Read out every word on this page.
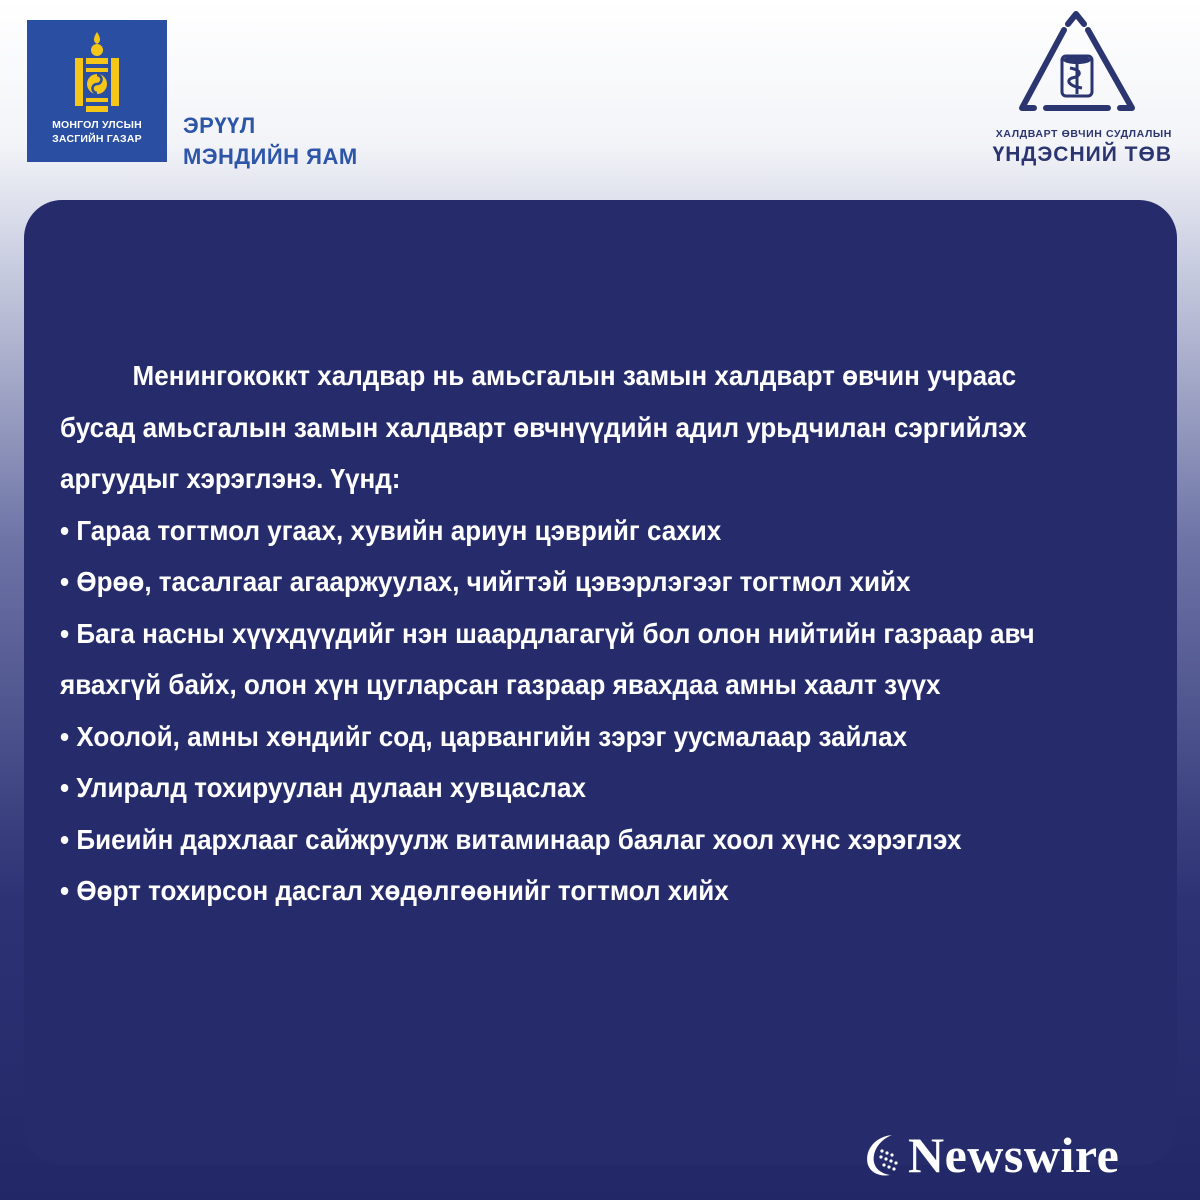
МОНГОЛ УЛСЫН
ЗАСГИЙН ГАЗАР
ЭРҮҮЛ
МЭНДИЙН ЯАМ
ХАЛДВАРТ ӨВЧИН СУДЛАЛЫН
ҮНДЭСНИЙ ТӨВ

Менингококкт халдвар нь амьсгалын замын халдварт өвчин учраас бусад амьсгалын замын халдварт өвчнүүдийн адил урьдчилан сэргийлэх аргуудыг хэрэглэнэ. Үүнд:

• Гараа тогтмол угаах, хувийн ариун цэврийг сахих

• Өрөө, тасалгааг агааржуулах, чийгтэй цэвэрлэгээг тогтмол хийх

• Бага насны хүүхдүүдийг нэн шаардлагагүй бол олон нийтийн газраар авч явахгүй байх, олон хүн цугларсан газраар явахдаа амны хаалт зүүх

• Хоолой, амны хөндийг сод, царвангийн зэрэг уусмалаар зайлах

• Улиралд тохируулан дулаан хувцаслах

• Биеийн дархлааг сайжруулж витаминаар баялаг хоол хүнс хэрэглэх

• Өөрт тохирсон дасгал хөдөлгөөнийг тогтмол хийх

Newswire
